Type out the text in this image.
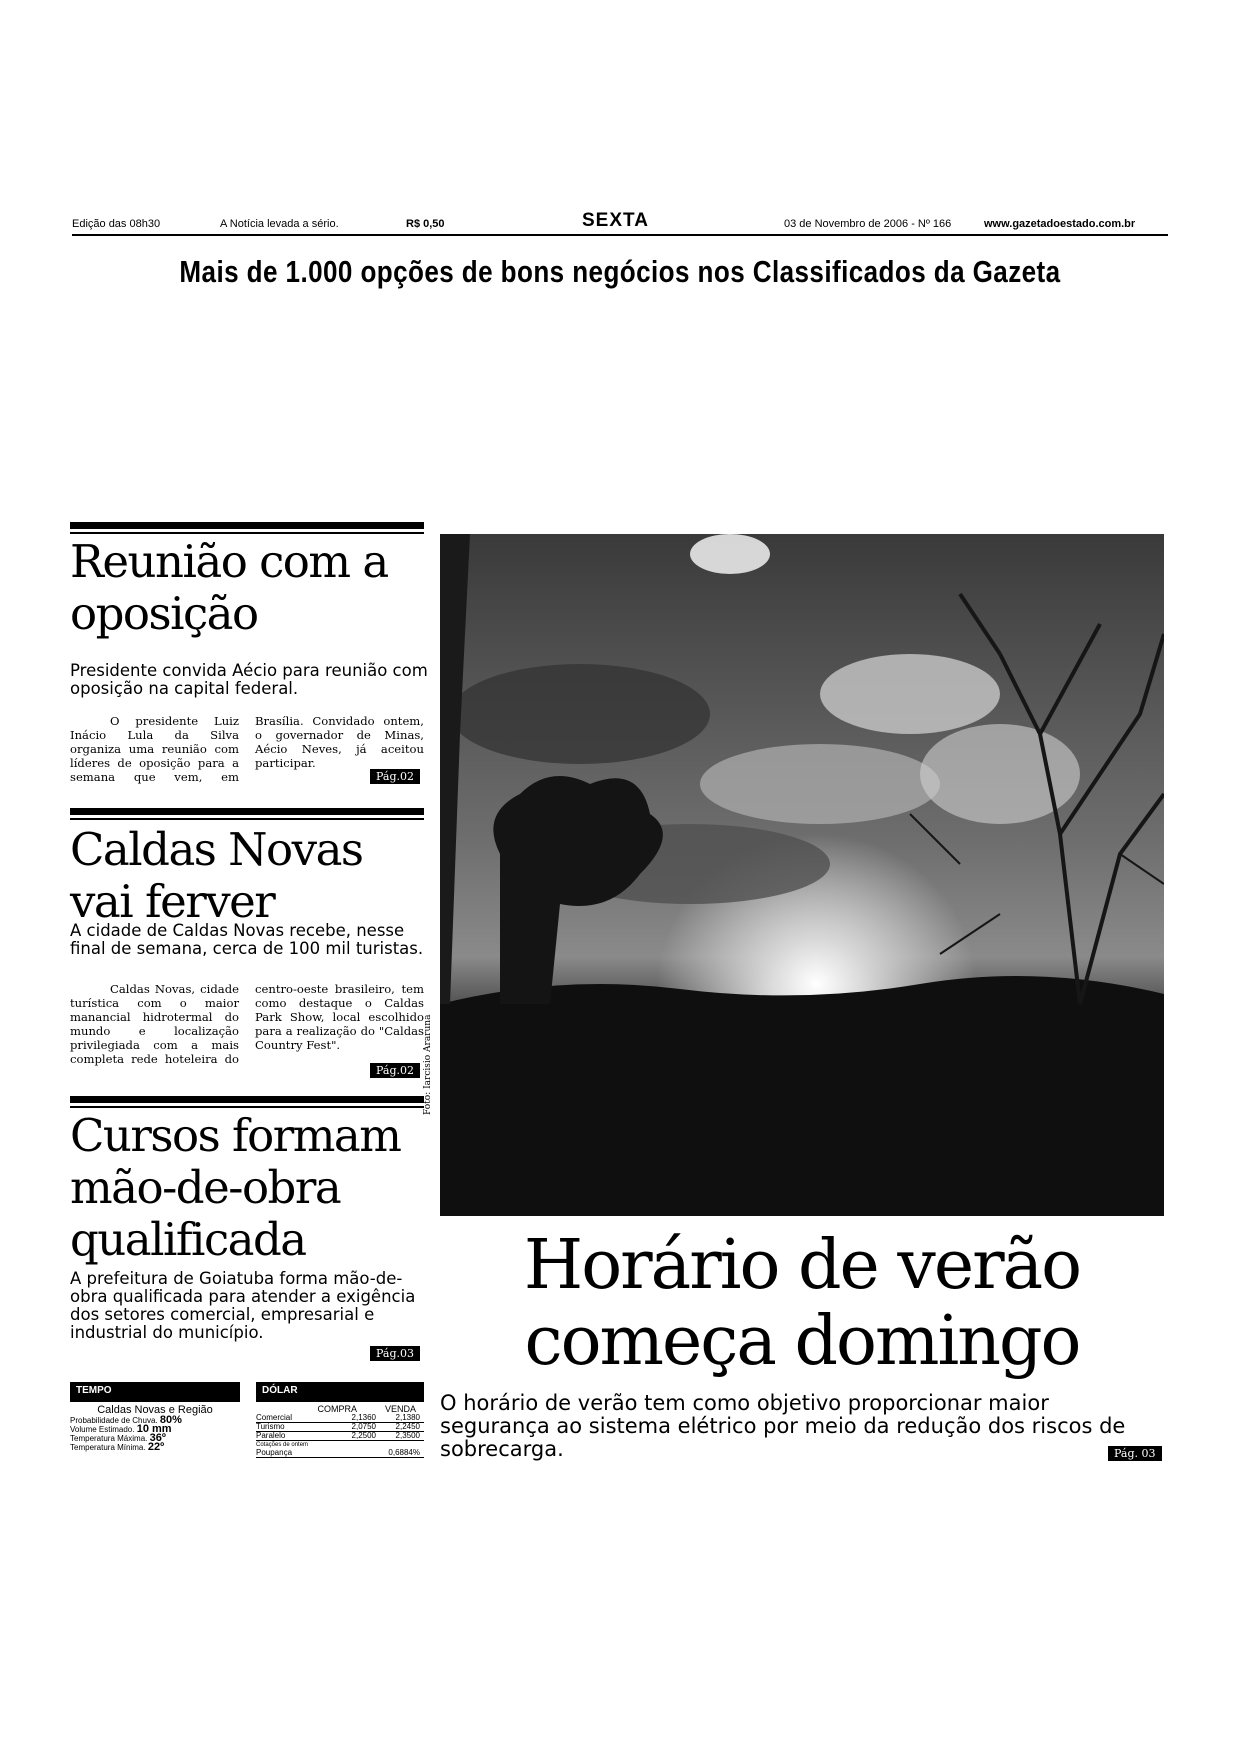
Edição das 08h30	A Notícia levada a sério.	R$ 0,50	SEXTA	03 de Novembro de 2006 - Nº 166	www.gazetadoestado.com.br
Mais de 1.000 opções de bons negócios nos Classificados da Gazeta
Reunião com a oposição
Presidente convida Aécio para reunião com oposição na capital federal.

O presidente Luiz Inácio Lula da Silva organiza uma reunião com líderes de oposição para a semana que vem, em Brasília. Convidado ontem, o governador de Minas, Aécio Neves, já aceitou participar.

Pág.02
Caldas Novas vai ferver
A cidade de Caldas Novas recebe, nesse final de semana, cerca de 100 mil turistas.

Caldas Novas, cidade turística com o maior manancial hidrotermal do mundo e localização privilegiada com a mais completa rede hoteleira do centro-oeste brasileiro, tem como destaque o Caldas Park Show, local escolhido para a realização do "Caldas Country Fest".

Pág.02
Cursos formam mão-de-obra qualificada
A prefeitura de Goiatuba forma mão-de-obra qualificada para atender a exigência dos setores comercial, empresarial e industrial do município.
Pág.03
Foto: Iarcisio Araruna
Horário de verão começa domingo
O horário de verão tem como objetivo proporcionar maior segurança ao sistema elétrico por meio da redução dos riscos de sobrecarga.	Pág. 03
TEMPO
Caldas Novas e Região
Probabilidade de Chuva. 80%
Volume Estimado. 10 mm
Temperatura Máxima. 36º
Temperatura Mínima. 22º
DÓLAR
COMPRA	VENDA
Comercial	2,1360	2,1380
Turismo	2,0750	2,2450
Paralelo	2,2500	2,3500
Cotações de ontem
Poupança	0,6884%
